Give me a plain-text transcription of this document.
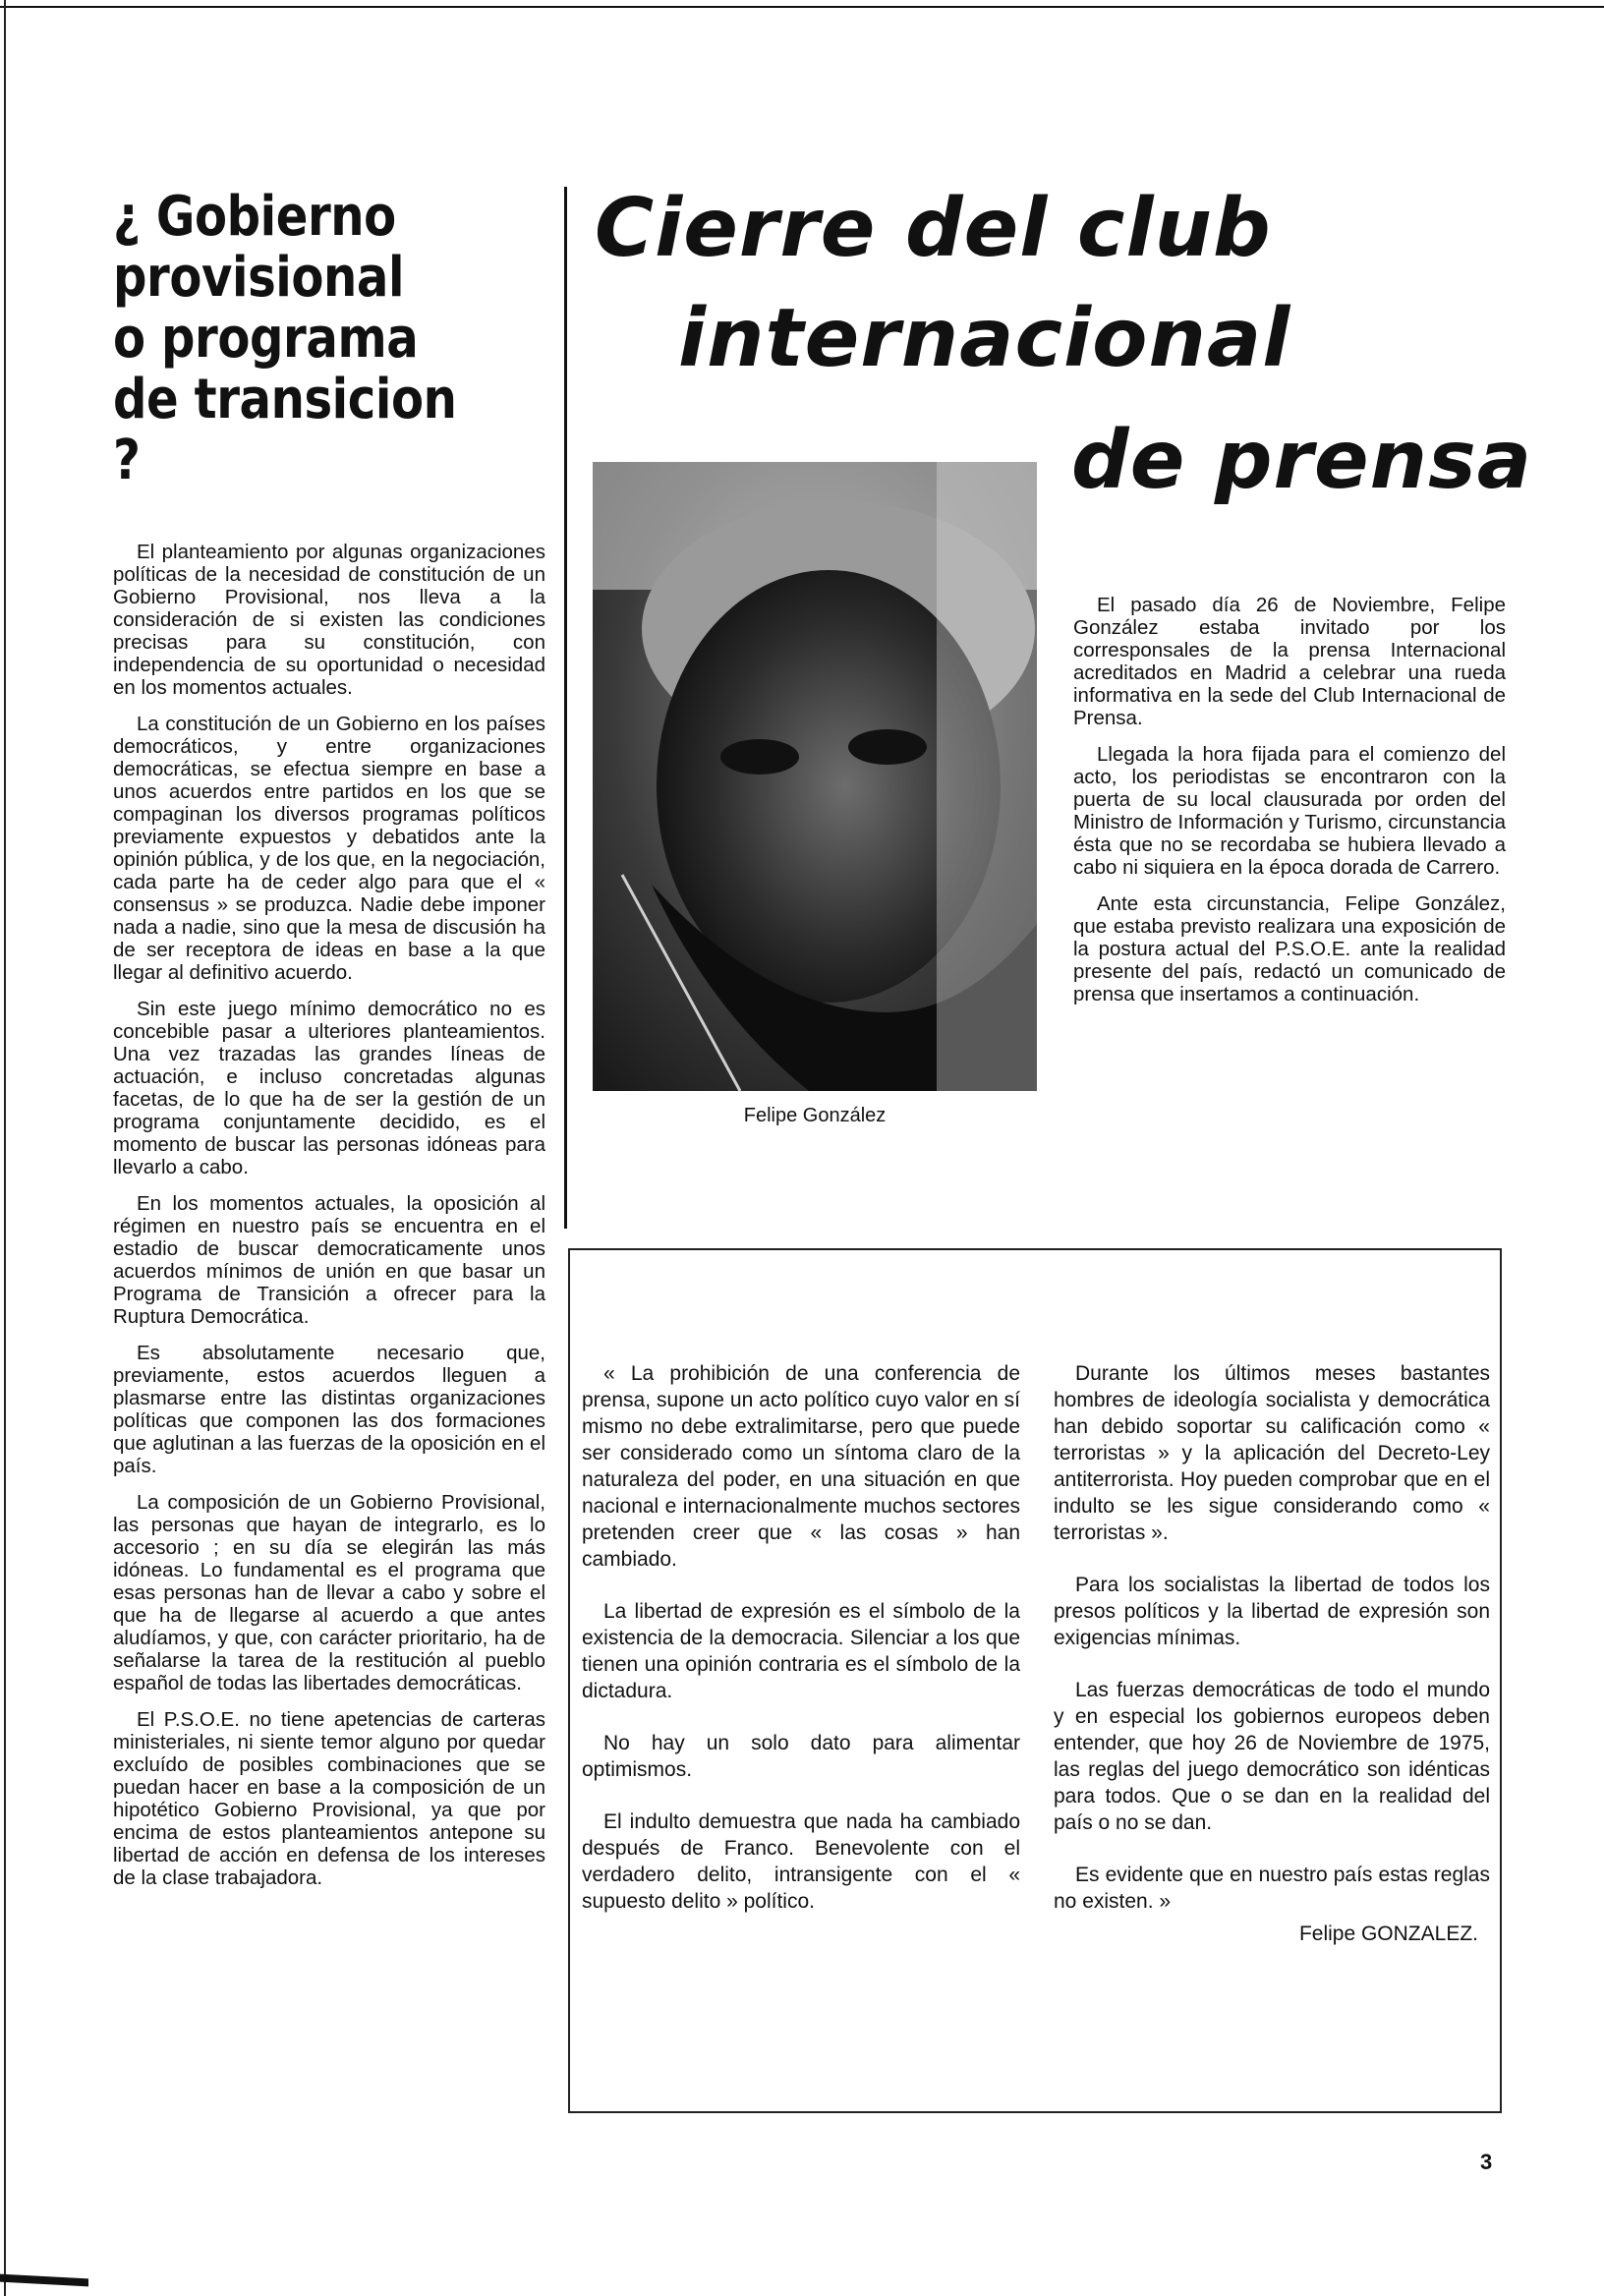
¿ Gobierno
provisional
o programa
de transicion ?

El planteamiento por algunas organizaciones políticas de la necesidad de constitución de un Gobierno Provisional, nos lleva a la consideración de si existen las condiciones precisas para su constitución, con independencia de su oportunidad o necesidad en los momentos actuales.

La constitución de un Gobierno en los países democráticos, y entre organizaciones democráticas, se efectua siempre en base a unos acuerdos entre partidos en los que se compaginan los diversos programas políticos previamente expuestos y debatidos ante la opinión pública, y de los que, en la negociación, cada parte ha de ceder algo para que el « consensus » se produzca. Nadie debe imponer nada a nadie, sino que la mesa de discusión ha de ser receptora de ideas en base a la que llegar al definitivo acuerdo.

Sin este juego mínimo democrático no es concebible pasar a ulteriores planteamientos. Una vez trazadas las grandes líneas de actuación, e incluso concretadas algunas facetas, de lo que ha de ser la gestión de un programa conjuntamente decidido, es el momento de buscar las personas idóneas para llevarlo a cabo.

En los momentos actuales, la oposición al régimen en nuestro país se encuentra en el estadio de buscar democraticamente unos acuerdos mínimos de unión en que basar un Programa de Transición a ofrecer para la Ruptura Democrática.

Es absolutamente necesario que, previamente, estos acuerdos lleguen a plasmarse entre las distintas organizaciones políticas que componen las dos formaciones que aglutinan a las fuerzas de la oposición en el país.

La composición de un Gobierno Provisional, las personas que hayan de integrarlo, es lo accesorio ; en su día se elegirán las más idóneas. Lo fundamental es el programa que esas personas han de llevar a cabo y sobre el que ha de llegarse al acuerdo a que antes aludíamos, y que, con carácter prioritario, ha de señalarse la tarea de la restitución al pueblo español de todas las libertades democráticas.

El P.S.O.E. no tiene apetencias de carteras ministeriales, ni siente temor alguno por quedar excluído de posibles combinaciones que se puedan hacer en base a la composición de un hipotético Gobierno Provisional, ya que por encima de estos planteamientos antepone su libertad de acción en defensa de los intereses de la clase trabajadora.

Cierre del club
internacional
de prensa
Felipe González

El pasado día 26 de Noviembre, Felipe González estaba invitado por los corresponsales de la prensa Internacional acreditados en Madrid a celebrar una rueda informativa en la sede del Club Internacional de Prensa.

Llegada la hora fijada para el comienzo del acto, los periodistas se encontraron con la puerta de su local clausurada por orden del Ministro de Información y Turismo, circunstancia ésta que no se recordaba se hubiera llevado a cabo ni siquiera en la época dorada de Carrero.

Ante esta circunstancia, Felipe González, que estaba previsto realizara una exposición de la postura actual del P.S.O.E. ante la realidad presente del país, redactó un comunicado de prensa que insertamos a continuación.

« La prohibición de una conferencia de prensa, supone un acto político cuyo valor en sí mismo no debe extralimitarse, pero que puede ser considerado como un síntoma claro de la naturaleza del poder, en una situación en que nacional e internacionalmente muchos sectores pretenden creer que « las cosas » han cambiado.

La libertad de expresión es el símbolo de la existencia de la democracia. Silenciar a los que tienen una opinión contraria es el símbolo de la dictadura.

No hay un solo dato para alimentar optimismos.

El indulto demuestra que nada ha cambiado después de Franco. Benevolente con el verdadero delito, intransigente con el « supuesto delito » político.

Durante los últimos meses bastantes hombres de ideología socialista y democrática han debido soportar su calificación como « terroristas » y la aplicación del Decreto-Ley antiterrorista. Hoy pueden comprobar que en el indulto se les sigue considerando como « terroristas ».

Para los socialistas la libertad de todos los presos políticos y la libertad de expresión son exigencias mínimas.

Las fuerzas democráticas de todo el mundo y en especial los gobiernos europeos deben entender, que hoy 26 de Noviembre de 1975, las reglas del juego democrático son idénticas para todos. Que o se dan en la realidad del país o no se dan.

Es evidente que en nuestro país estas reglas no existen. »

Felipe GONZALEZ.

3
